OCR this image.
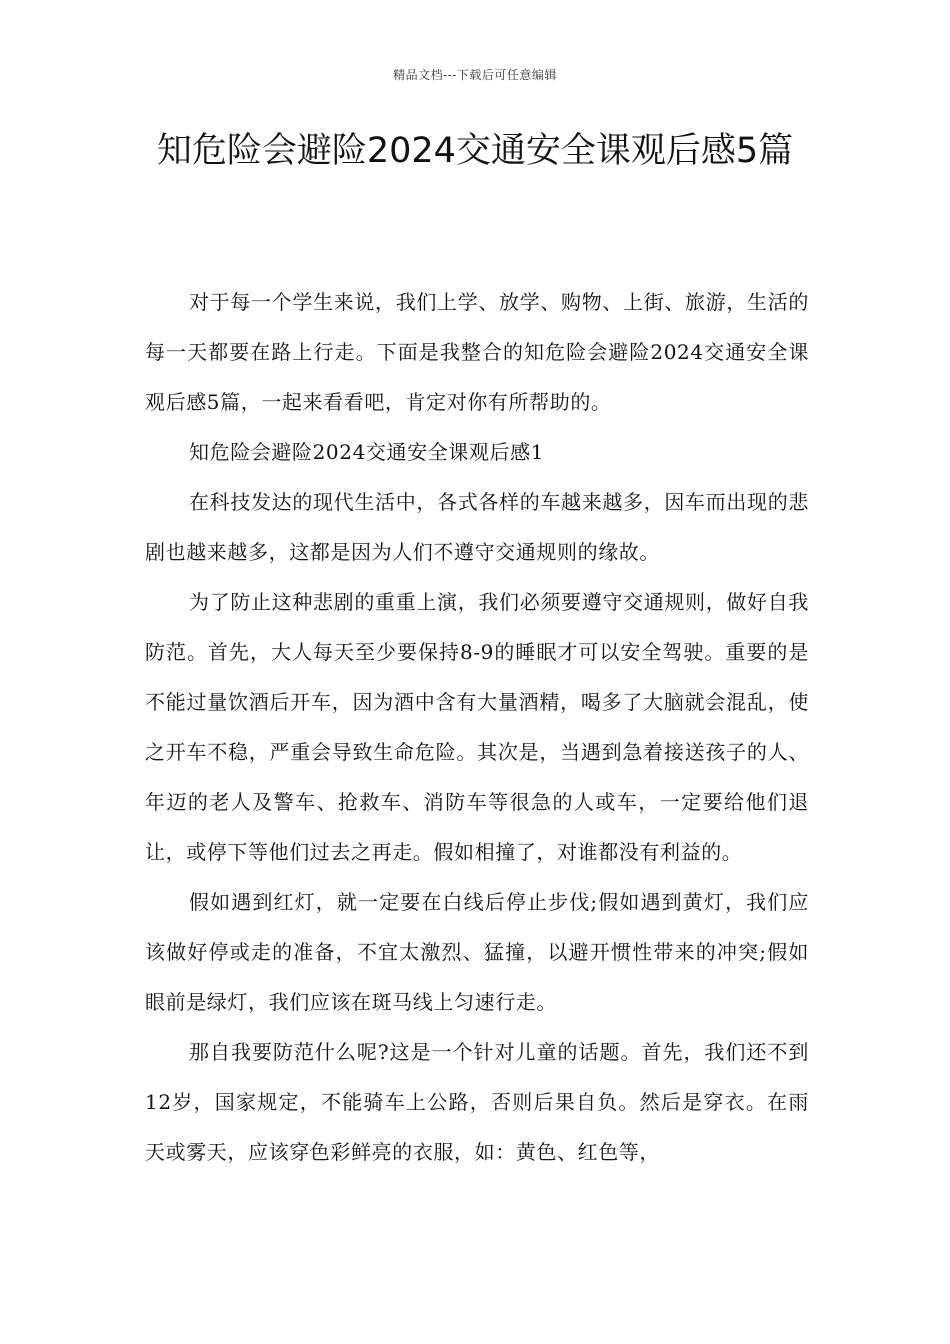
精品文档---下载后可任意编辑
知危险会避险2024交通安全课观后感5篇

对于每一个学生来说，我们上学、放学、购物、上街、旅游，生活的每一天都要在路上行走。下面是我整合的知危险会避险2024交通安全课观后感5篇，一起来看看吧，肯定对你有所帮助的。

知危险会避险2024交通安全课观后感1

在科技发达的现代生活中，各式各样的车越来越多，因车而出现的悲剧也越来越多，这都是因为人们不遵守交通规则的缘故。

为了防止这种悲剧的重重上演，我们必须要遵守交通规则，做好自我防范。首先，大人每天至少要保持8-9的睡眠才可以安全驾驶。重要的是不能过量饮酒后开车，因为酒中含有大量酒精，喝多了大脑就会混乱，使之开车不稳，严重会导致生命危险。其次是，当遇到急着接送孩子的人、年迈的老人及警车、抢救车、消防车等很急的人或车，一定要给他们退让，或停下等他们过去之再走。假如相撞了，对谁都没有利益的。

假如遇到红灯，就一定要在白线后停止步伐;假如遇到黄灯，我们应该做好停或走的准备，不宜太激烈、猛撞，以避开惯性带来的冲突;假如眼前是绿灯，我们应该在斑马线上匀速行走。

那自我要防范什么呢?这是一个针对儿童的话题。首先，我们还不到12岁，国家规定，不能骑车上公路，否则后果自负。然后是穿衣。在雨天或雾天，应该穿色彩鲜亮的衣服，如：黄色、红色等，
